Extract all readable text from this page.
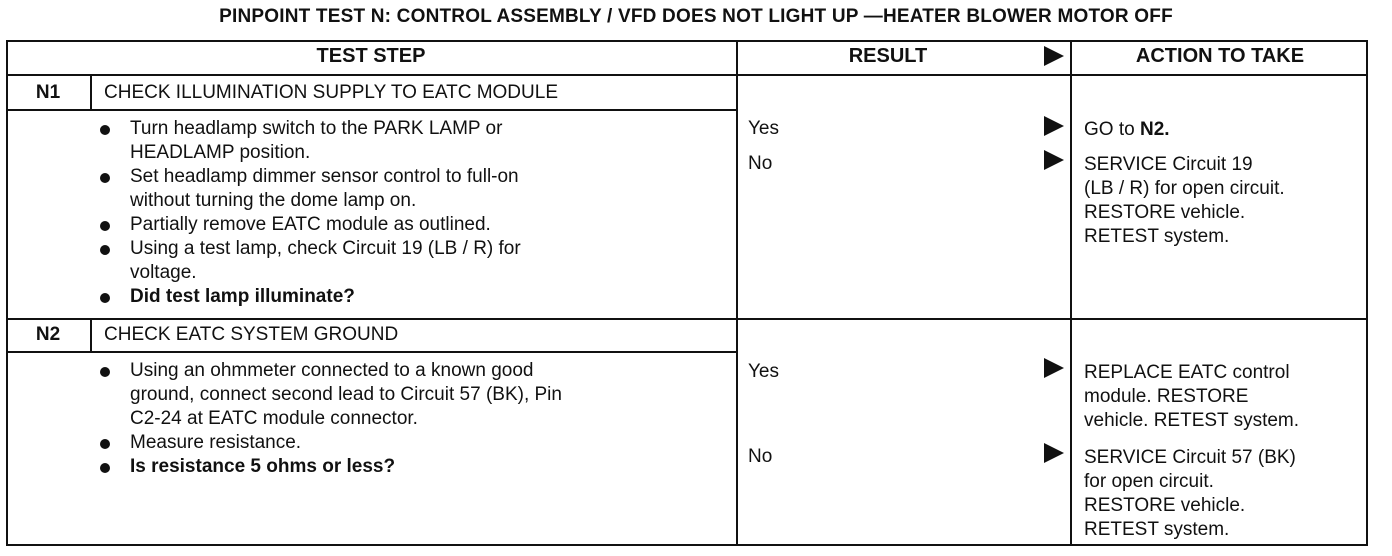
PINPOINT TEST N: CONTROL ASSEMBLY / VFD DOES NOT LIGHT UP —HEATER BLOWER MOTOR OFF
TEST STEP	RESULT	ACTION TO TAKE
N1	CHECK ILLUMINATION SUPPLY TO EATC MODULE
Turn headlamp switch to the PARK LAMP or
HEADLAMP position.
Set headlamp dimmer sensor control to full-on
without turning the dome lamp on.
Partially remove EATC module as outlined.
Using a test lamp, check Circuit 19 (LB / R) for
voltage.
Did test lamp illuminate?
Yes	GO to N2.
No	SERVICE Circuit 19
(LB / R) for open circuit.
RESTORE vehicle.
RETEST system.
N2	CHECK EATC SYSTEM GROUND
Using an ohmmeter connected to a known good
ground, connect second lead to Circuit 57 (BK), Pin
C2-24 at EATC module connector.
Measure resistance.
Is resistance 5 ohms or less?
Yes	REPLACE EATC control
module. RESTORE
vehicle. RETEST system.
No	SERVICE Circuit 57 (BK)
for open circuit.
RESTORE vehicle.
RETEST system.
